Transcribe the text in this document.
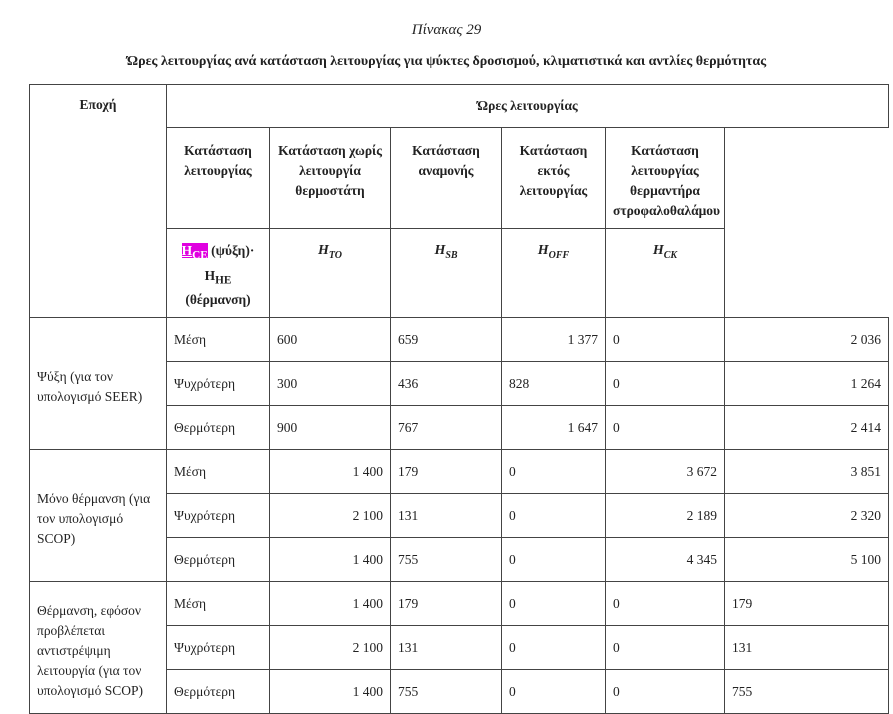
Πίνακας 29
Ώρες λειτουργίας ανά κατάσταση λειτουργίας για ψύκτες δροσισμού, κλιματιστικά και αντλίες θερμότητας
Εποχή	Ώρες λειτουργίας					

	Κατάσταση λειτουργίας	Κατάσταση χωρίς λειτουργία θερμοστάτη	Κατάσταση αναμονής	Κατάσταση εκτός λειτουργίας	Κατάσταση λειτουργίας θερμαντήρα στροφαλοθαλάμου	

	$H_{CE}$ (ψύξη)·
$H_{HE}$
(θέρμανση)	$H_{TO}$	$H_{SB}$	$H_{OFF}$	$H_{CK}$

Ψύξη (για τον υπολογισμό SEER)	Μέση	600	659	1 377	0	2 036
	Ψυχρότερη	300	436	828	0	1 264
	Θερμότερη	900	767	1 647	0	2 414

Μόνο θέρμανση (για τον υπολογισμό SCOP)	Μέση	1 400	179	0	3 672	3 851
	Ψυχρότερη	2 100	131	0	2 189	2 320
	Θερμότερη	1 400	755	0	4 345	5 100

Θέρμανση, εφόσον προβλέπεται αντιστρέψιμη λειτουργία (για τον υπολογισμό SCOP)	Μέση	1 400	179	0	0	179
	Ψυχρότερη	2 100	131	0	0	131
	Θερμότερη	1 400	755	0	0	755
